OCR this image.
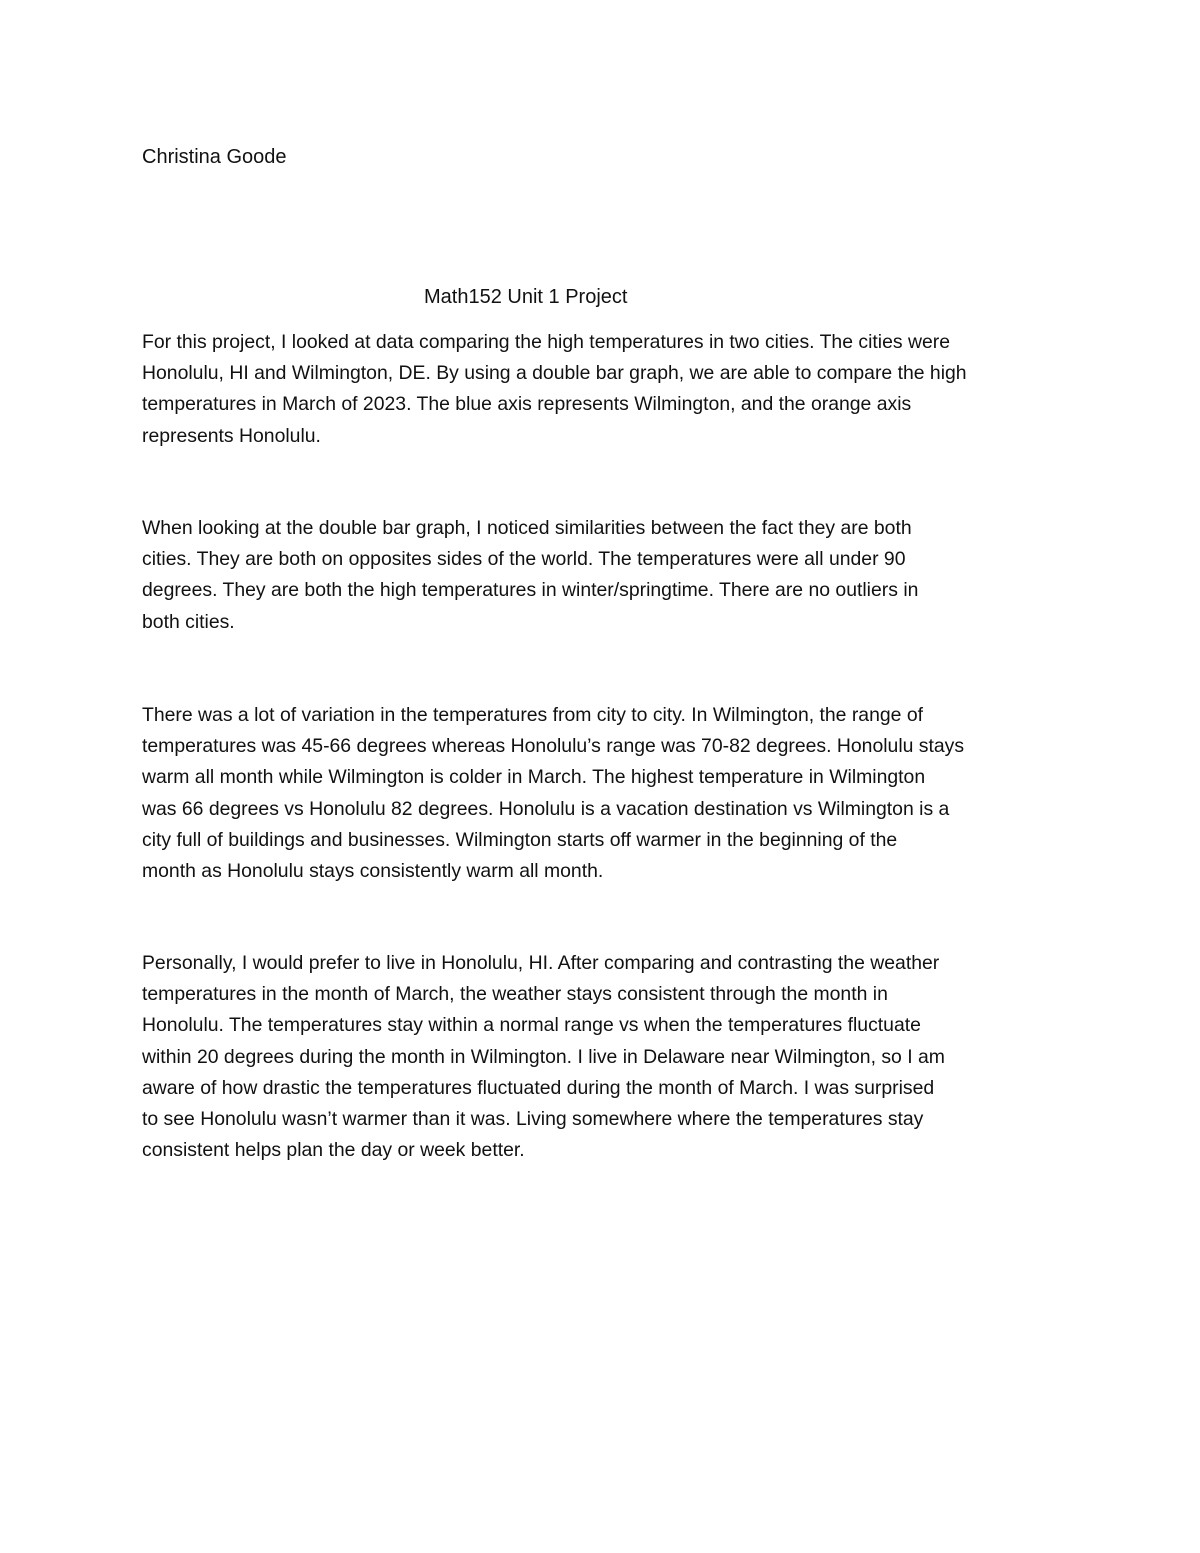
Christina Goode
Math152 Unit 1 Project

For this project, I looked at data comparing the high temperatures in two cities. The cities were
Honolulu, HI and Wilmington, DE. By using a double bar graph, we are able to compare the high
temperatures in March of 2023. The blue axis represents Wilmington, and the orange axis
represents Honolulu.

When looking at the double bar graph, I noticed similarities between the fact they are both
cities. They are both on opposites sides of the world. The temperatures were all under 90
degrees. They are both the high temperatures in winter/springtime. There are no outliers in
both cities.

There was a lot of variation in the temperatures from city to city. In Wilmington, the range of
temperatures was 45-66 degrees whereas Honolulu’s range was 70-82 degrees. Honolulu stays
warm all month while Wilmington is colder in March. The highest temperature in Wilmington
was 66 degrees vs Honolulu 82 degrees. Honolulu is a vacation destination vs Wilmington is a
city full of buildings and businesses. Wilmington starts off warmer in the beginning of the
month as Honolulu stays consistently warm all month.

Personally, I would prefer to live in Honolulu, HI. After comparing and contrasting the weather
temperatures in the month of March, the weather stays consistent through the month in
Honolulu. The temperatures stay within a normal range vs when the temperatures fluctuate
within 20 degrees during the month in Wilmington. I live in Delaware near Wilmington, so I am
aware of how drastic the temperatures fluctuated during the month of March. I was surprised
to see Honolulu wasn’t warmer than it was. Living somewhere where the temperatures stay
consistent helps plan the day or week better.
